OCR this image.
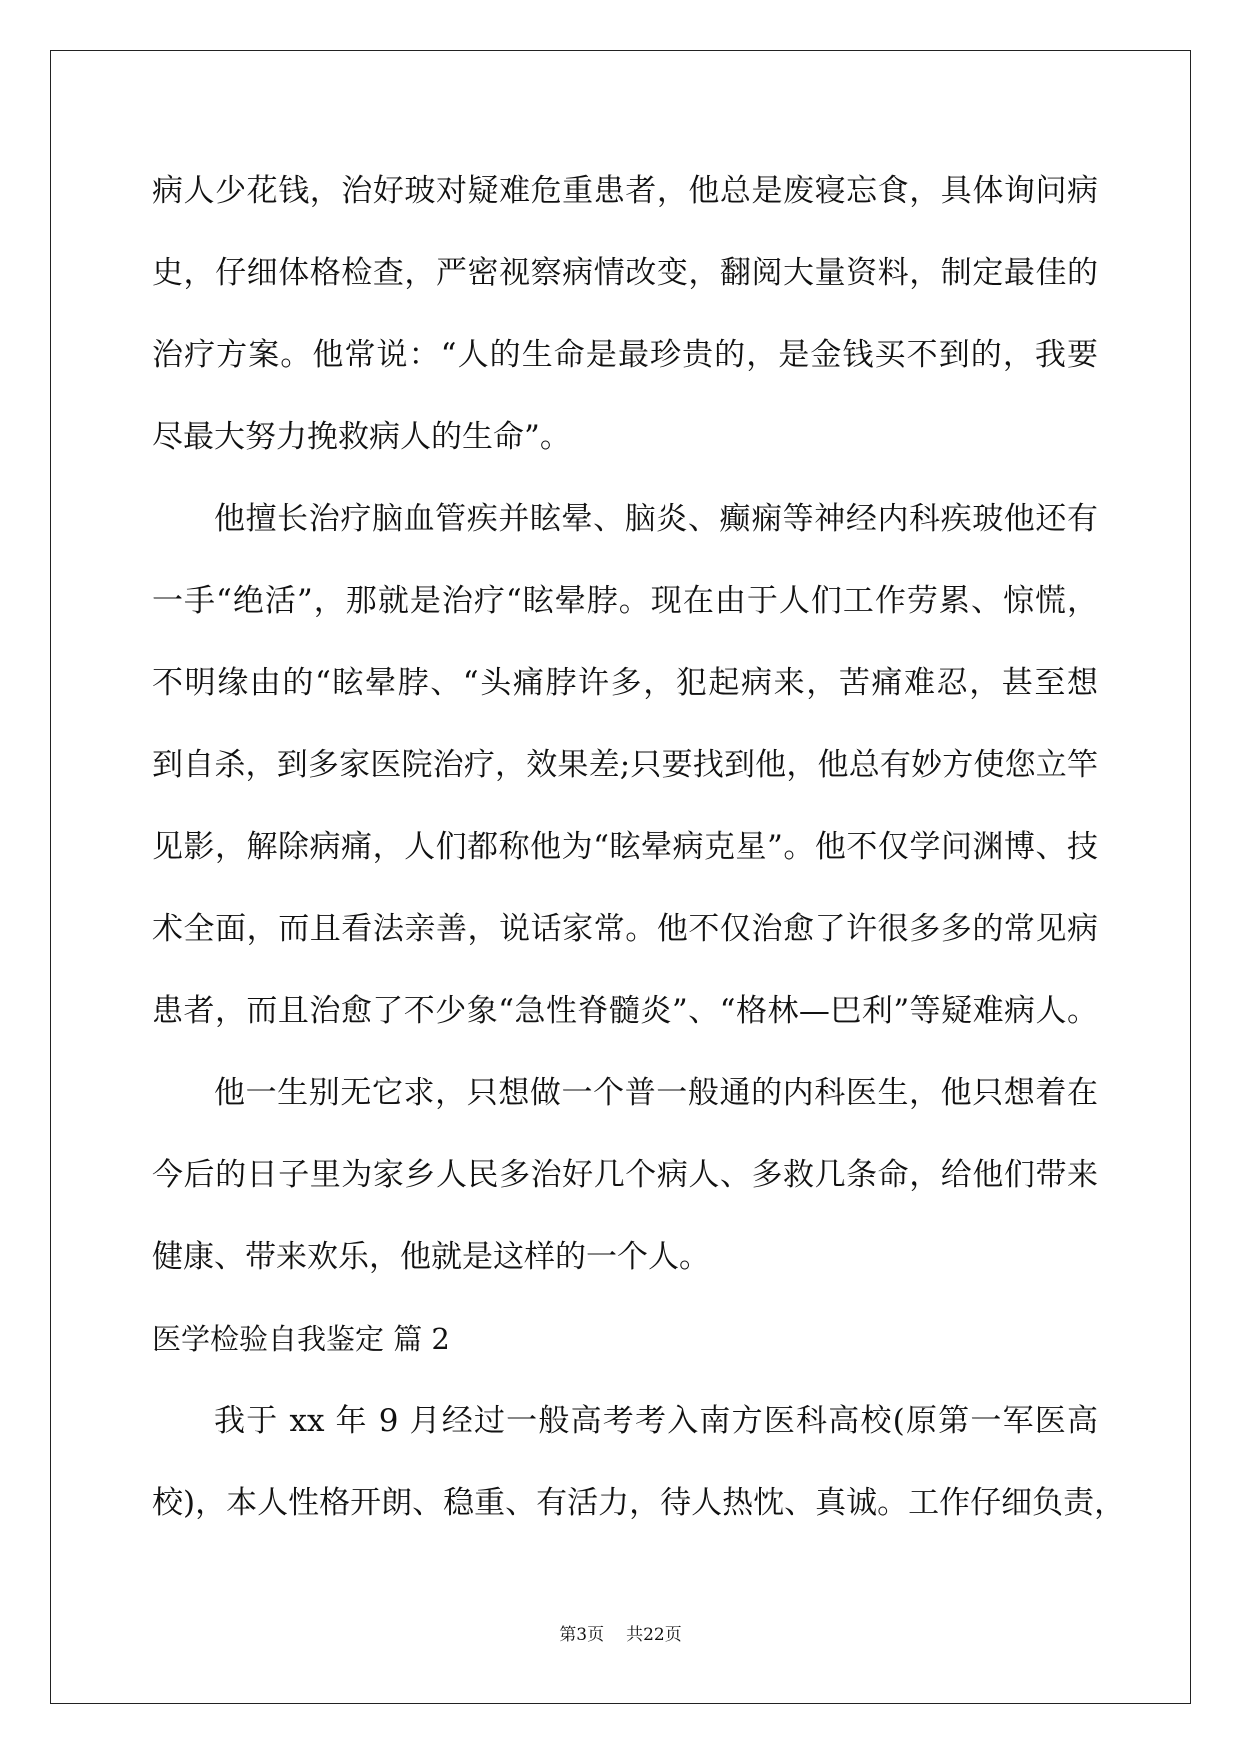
病人少花钱，治好玻对疑难危重患者，他总是废寝忘食，具体询问病
史，仔细体格检查，严密视察病情改变，翻阅大量资料，制定最佳的
治疗方案。他常说：“人的生命是最珍贵的，是金钱买不到的，我要
尽最大努力挽救病人的生命”。
他擅长治疗脑血管疾并眩晕、脑炎、癫痫等神经内科疾玻他还有
一手“绝活”，那就是治疗“眩晕脖。现在由于人们工作劳累、惊慌，
不明缘由的“眩晕脖、“头痛脖许多，犯起病来，苦痛难忍，甚至想
到自杀，到多家医院治疗，效果差;只要找到他，他总有妙方使您立竿
见影，解除病痛，人们都称他为“眩晕病克星”。他不仅学问渊博、技
术全面，而且看法亲善，说话家常。他不仅治愈了许很多多的常见病
患者，而且治愈了不少象“急性脊髓炎”、“格林—巴利”等疑难病人。
他一生别无它求，只想做一个普一般通的内科医生，他只想着在
今后的日子里为家乡人民多治好几个病人、多救几条命，给他们带来
健康、带来欢乐，他就是这样的一个人。
医学检验自我鉴定 篇 2
我于 xx 年 9 月经过一般高考考入南方医科高校(原第一军医高
校)，本人性格开朗、稳重、有活力，待人热忱、真诚。工作仔细负责，
第3页 共22页
